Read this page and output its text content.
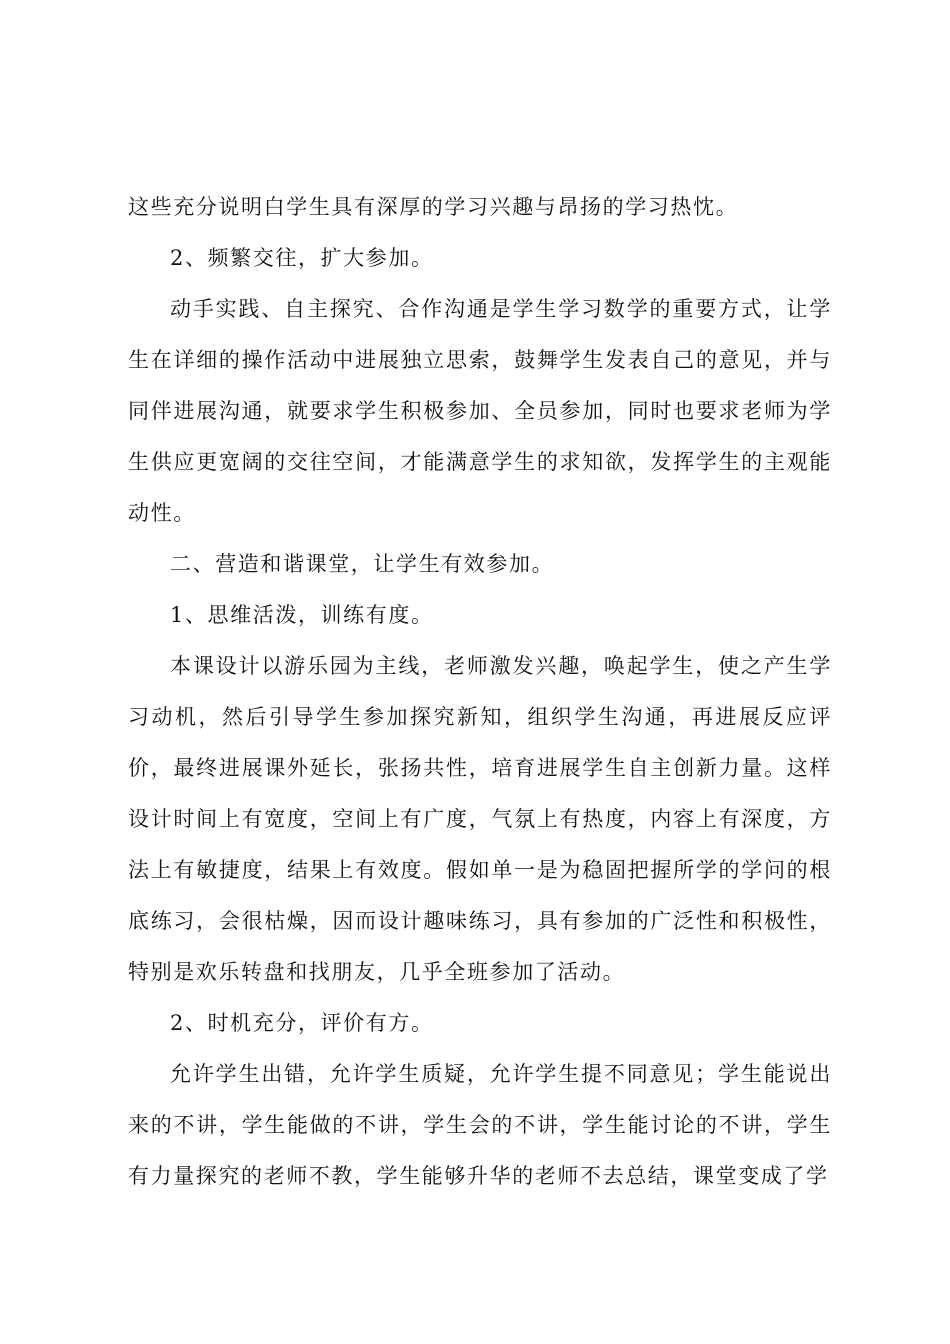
这些充分说明白学生具有深厚的学习兴趣与昂扬的学习热忱。

2、频繁交往，扩大参加。

动手实践、自主探究、合作沟通是学生学习数学的重要方式，让学生在详细的操作活动中进展独立思索，鼓舞学生发表自己的意见，并与同伴进展沟通，就要求学生积极参加、全员参加，同时也要求老师为学生供应更宽阔的交往空间，才能满意学生的求知欲，发挥学生的主观能动性。

二、营造和谐课堂，让学生有效参加。

1、思维活泼，训练有度。

本课设计以游乐园为主线，老师激发兴趣，唤起学生，使之产生学习动机，然后引导学生参加探究新知，组织学生沟通，再进展反应评价，最终进展课外延长，张扬共性，培育进展学生自主创新力量。这样设计时间上有宽度，空间上有广度，气氛上有热度，内容上有深度，方法上有敏捷度，结果上有效度。假如单一是为稳固把握所学的学问的根底练习，会很枯燥，因而设计趣味练习，具有参加的广泛性和积极性，特别是欢乐转盘和找朋友，几乎全班参加了活动。

2、时机充分，评价有方。

允许学生出错，允许学生质疑，允许学生提不同意见；学生能说出来的不讲，学生能做的不讲，学生会的不讲，学生能讨论的不讲，学生有力量探究的老师不教，学生能够升华的老师不去总结，课堂变成了学
